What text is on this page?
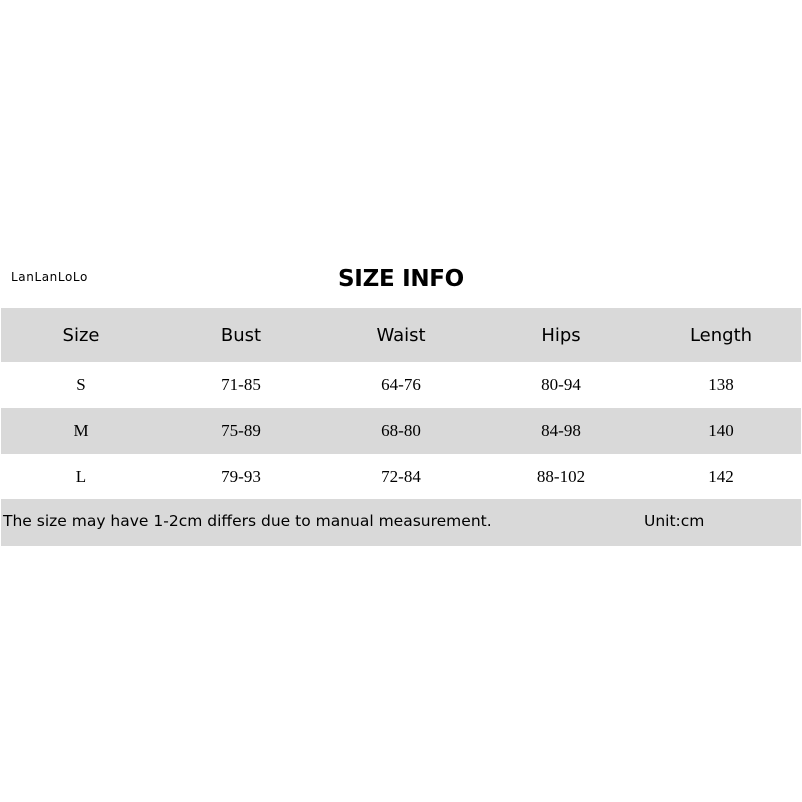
LanLanLoLo	SIZE INFO
Size	Bust	Waist	Hips	Length
S	71-85	64-76	80-94	138
M	75-89	68-80	84-98	140
L	79-93	72-84	88-102	142
The size may have 1-2cm differs due to manual measurement.	Unit:cm
